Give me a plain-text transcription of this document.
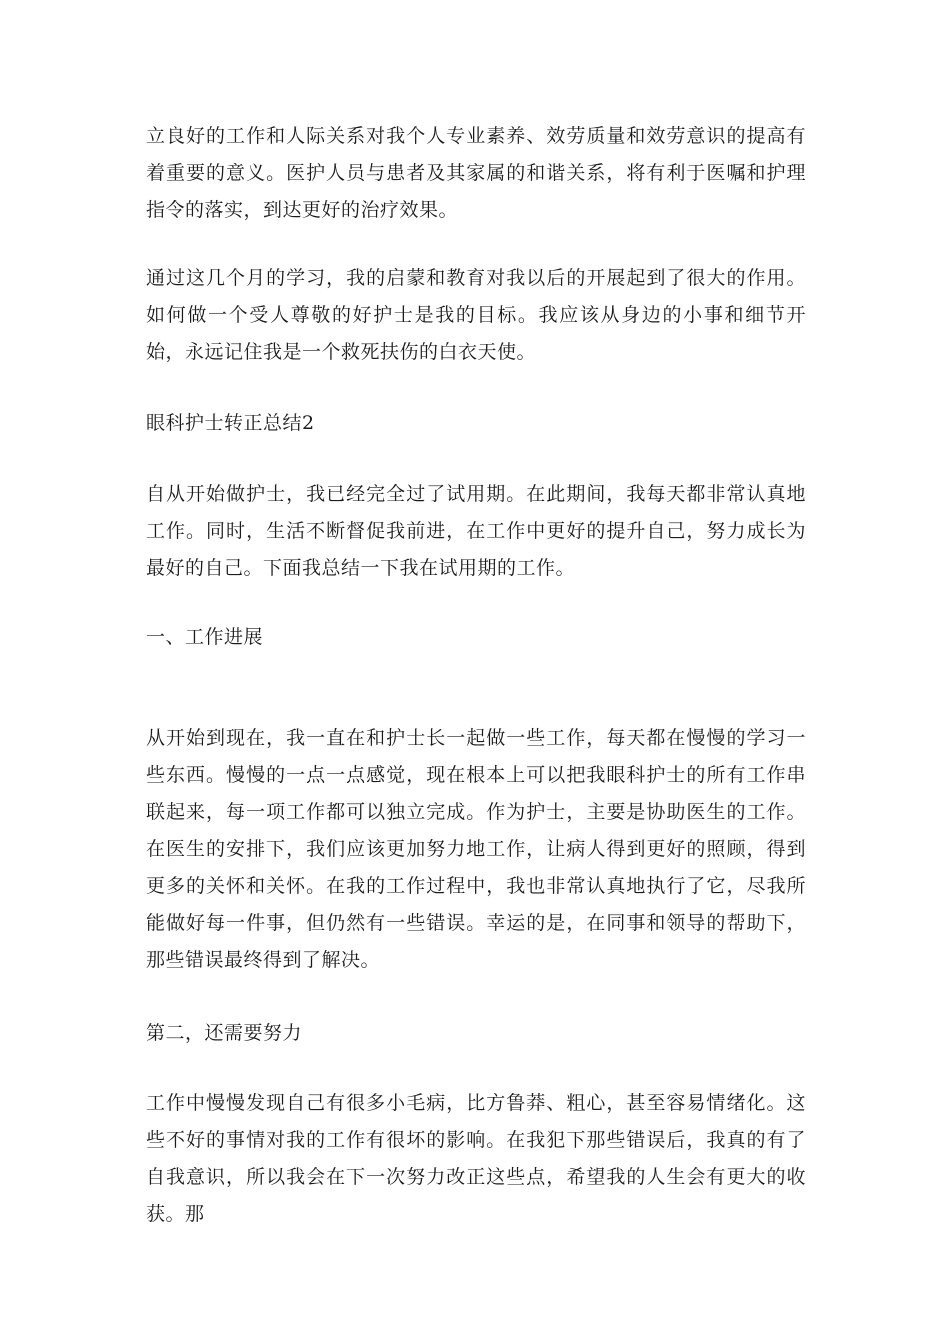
立良好的工作和人际关系对我个人专业素养、效劳质量和效劳意识的提高有着重要的意义。医护人员与患者及其家属的和谐关系，将有利于医嘱和护理指令的落实，到达更好的治疗效果。

通过这几个月的学习，我的启蒙和教育对我以后的开展起到了很大的作用。如何做一个受人尊敬的好护士是我的目标。我应该从身边的小事和细节开始，永远记住我是一个救死扶伤的白衣天使。

眼科护士转正总结2

自从开始做护士，我已经完全过了试用期。在此期间，我每天都非常认真地工作。同时，生活不断督促我前进，在工作中更好的提升自己，努力成长为最好的自己。下面我总结一下我在试用期的工作。

一、工作进展

从开始到现在，我一直在和护士长一起做一些工作，每天都在慢慢的学习一些东西。慢慢的一点一点感觉，现在根本上可以把我眼科护士的所有工作串联起来，每一项工作都可以独立完成。作为护士，主要是协助医生的工作。在医生的安排下，我们应该更加努力地工作，让病人得到更好的照顾，得到更多的关怀和关怀。在我的工作过程中，我也非常认真地执行了它，尽我所能做好每一件事，但仍然有一些错误。幸运的是，在同事和领导的帮助下，那些错误最终得到了解决。

第二，还需要努力

工作中慢慢发现自己有很多小毛病，比方鲁莽、粗心，甚至容易情绪化。这些不好的事情对我的工作有很坏的影响。在我犯下那些错误后，我真的有了自我意识，所以我会在下一次努力改正这些点，希望我的人生会有更大的收获。那
